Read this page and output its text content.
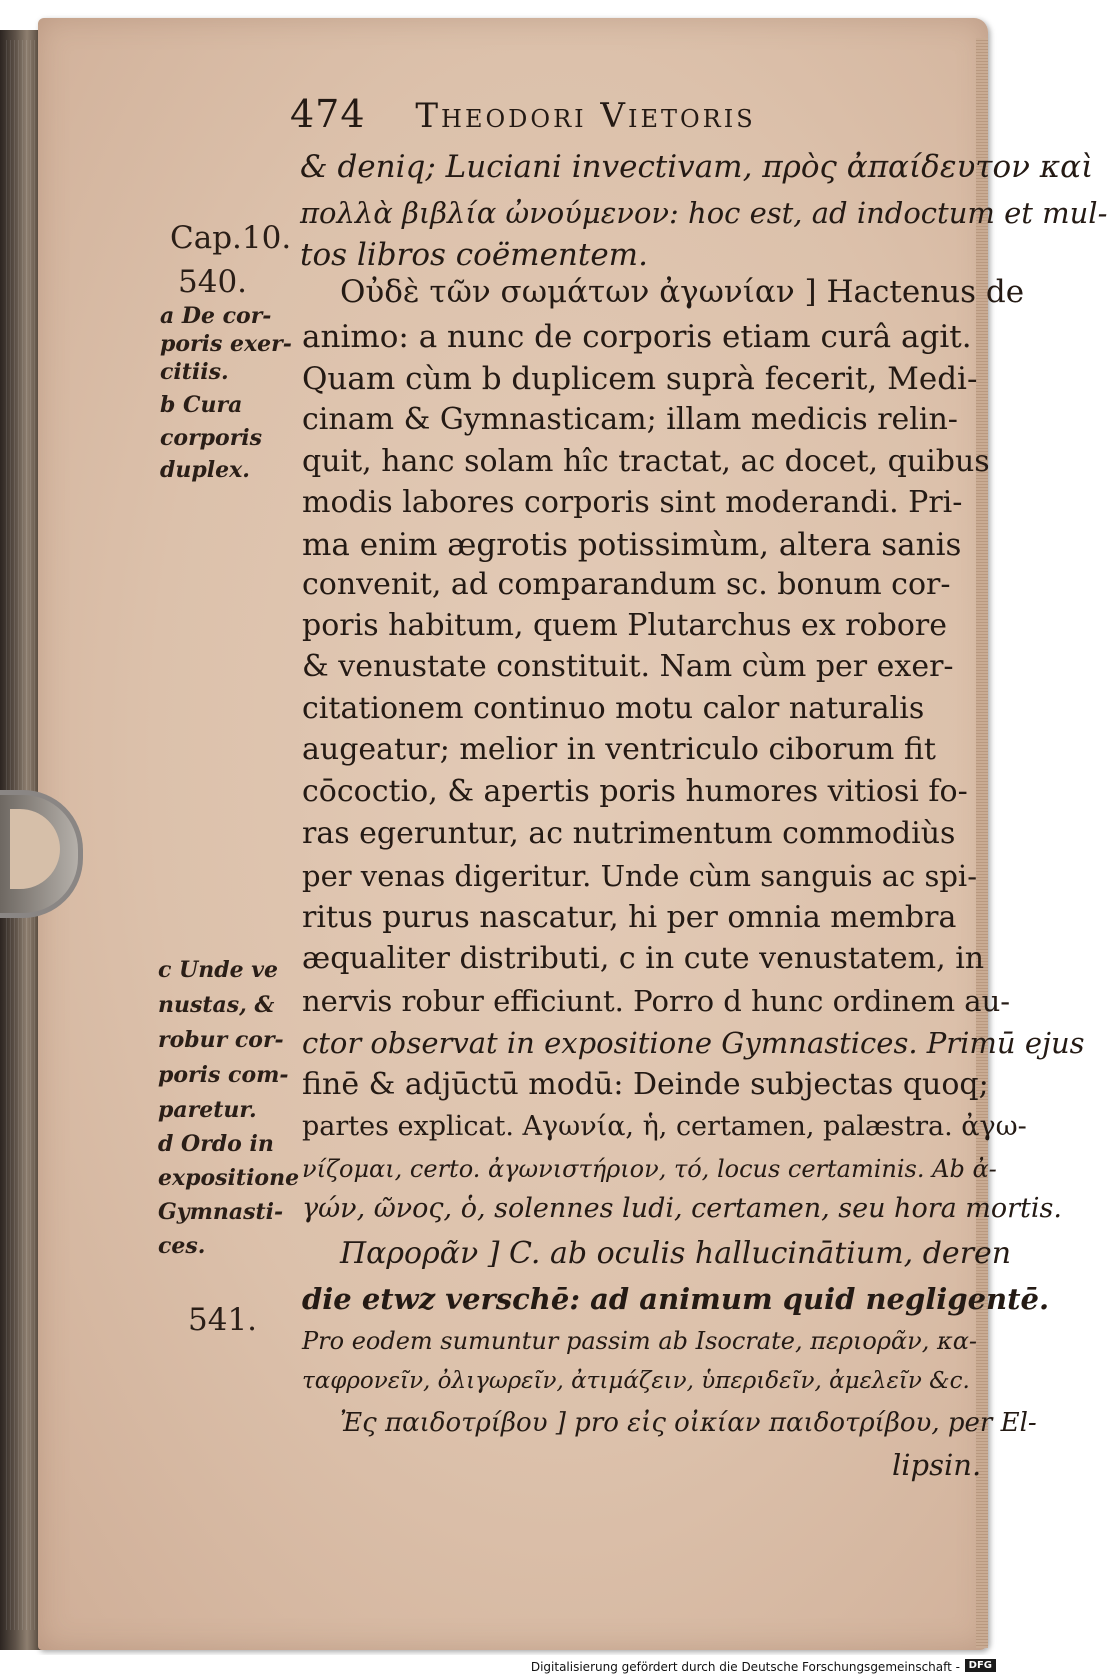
474 Theodori Vietoris
Cap.10.
540.
a De cor-
poris exer-
citiis.
b Cura
corporis
duplex.
c Unde ve
nustas, &
robur cor-
poris com-
paretur.
d Ordo in
expositione
Gymnasti-
ces.
541.
& deniq; Luciani invectivam, πρὸς ἀπαίδευτον καὶ
πολλὰ βιβλία ὠνούμενον: hoc est, ad indoctum et mul-
tos libros coëmentem.
Οὐδὲ τῶν σωμάτων ἀγωνίαν ] Hactenus de
animo: a nunc de corporis etiam curâ agit.
Quam cùm b duplicem suprà fecerit, Medi-
cinam & Gymnasticam; illam medicis relin-
quit, hanc solam hîc tractat, ac docet, quibus
modis labores corporis sint moderandi. Pri-
ma enim ægrotis potissimùm, altera sanis
convenit, ad comparandum sc. bonum cor-
poris habitum, quem Plutarchus ex robore
& venustate constituit. Nam cùm per exer-
citationem continuo motu calor naturalis
augeatur; melior in ventriculo ciborum fit
cōcoctio, & apertis poris humores vitiosi fo-
ras egeruntur, ac nutrimentum commodiùs
per venas digeritur. Unde cùm sanguis ac spi-
ritus purus nascatur, hi per omnia membra
æqualiter distributi, c in cute venustatem, in
nervis robur efficiunt. Porro d hunc ordinem au-
ctor observat in expositione Gymnastices. Primū ejus
finē & adjūctū modū: Deinde subjectas quoq;
partes explicat. Αγωνία, ἡ, certamen, palæstra. ἀγω-
νίζομαι, certo. ἀγωνιστήριον, τό, locus certaminis. Ab ἀ-
γών, ῶνος, ὁ, solennes ludi, certamen, seu hora mortis.
Παρορᾶν ] C. ab oculis hallucinātium, deren
die etwz verschē: ad animum quid negligentē.
Pro eodem sumuntur passim ab Isocrate, περιορᾶν, κα-
ταφρονεῖν, ὀλιγωρεῖν, ἀτιμάζειν, ὑπεριδεῖν, ἀμελεῖν &c.
Ἐς παιδοτρίβου ] pro εἰς οἰκίαν παιδοτρίβου, per El-
lipsin.
Digitalisierung gefördert durch die Deutsche Forschungsgemeinschaft - DFG
